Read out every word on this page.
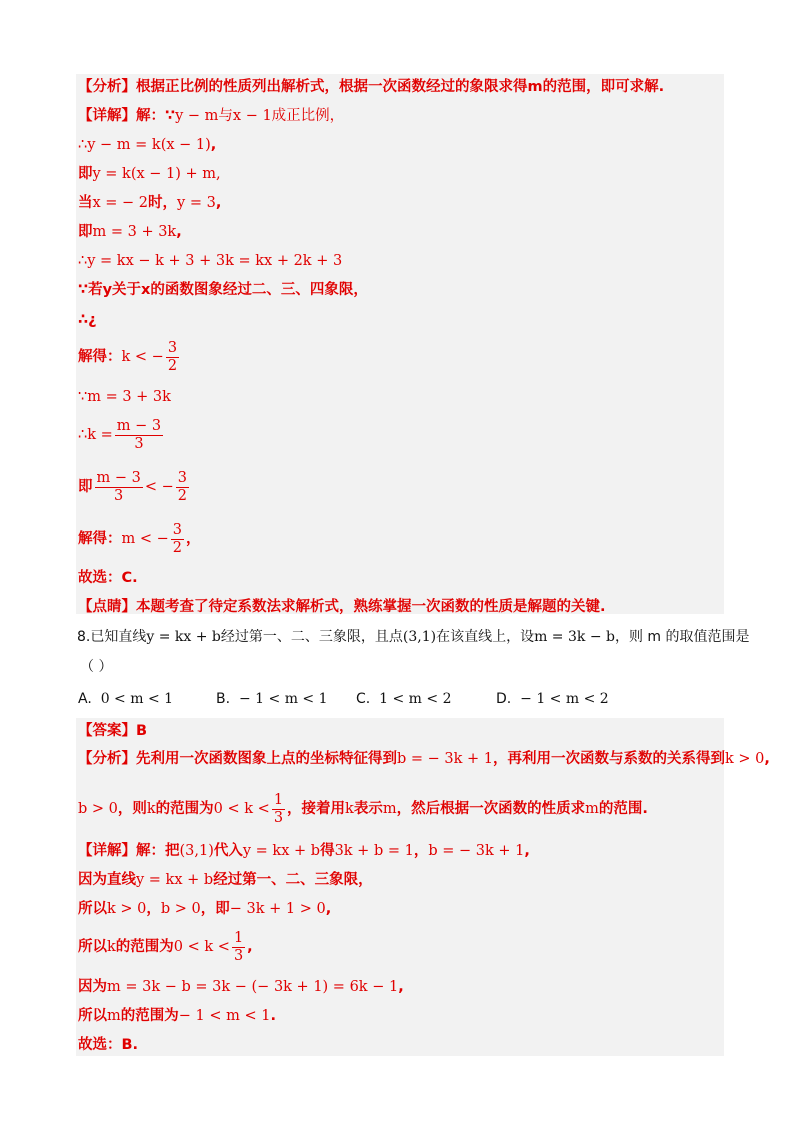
【分析】根据正比例的性质列出解析式，根据一次函数经过的象限求得m的范围，即可求解.
【详解】解：∵y − m与x − 1成正比例，
∴y − m = k(x − 1),
即y = k(x − 1) + m,
当x = − 2时，y = 3,
即m = 3 + 3k,
∴y = kx − k + 3 + 3k = kx + 2k + 3
∵若y关于x的函数图象经过二、三、四象限，
∴¿
解得：k < − $\frac{3}{2}$
∵m = 3 + 3k
∴k = $\frac{m - 3}{3}$
即 $\frac{m - 3}{3}$ < − $\frac{3}{2}$
解得：m < − $\frac{3}{2}$ ，
故选：C.
【点睛】本题考查了待定系数法求解析式，熟练掌握一次函数的性质是解题的关键.
8.已知直线y = kx + b经过第一、二、三象限，且点(3,1)在该直线上，设m = 3k − b，则 m 的取值范围是
（ ）
A. 0 < m < 1	B. − 1 < m < 1 C. 1 < m < 2	D. − 1 < m < 2
【答案】B
【分析】先利用一次函数图象上点的坐标特征得到b = − 3k + 1，再利用一次函数与系数的关系得到k > 0,
b > 0，则k的范围为$0 < k < \frac{1}{3}$ ，接着用k表示m，然后根据一次函数的性质求m的范围.
【详解】解：把(3,1)代入y = kx + b得3k + b = 1，b = − 3k + 1,
因为直线y = kx + b经过第一、二、三象限，
所以k > 0，b > 0，即− 3k + 1 > 0,
所以k的范围为$0 < k < \frac{1}{3}$ ,
因为m = 3k − b = 3k − (− 3k + 1) = 6k − 1,
所以m的范围为− 1 < m < 1.
故选：B.
